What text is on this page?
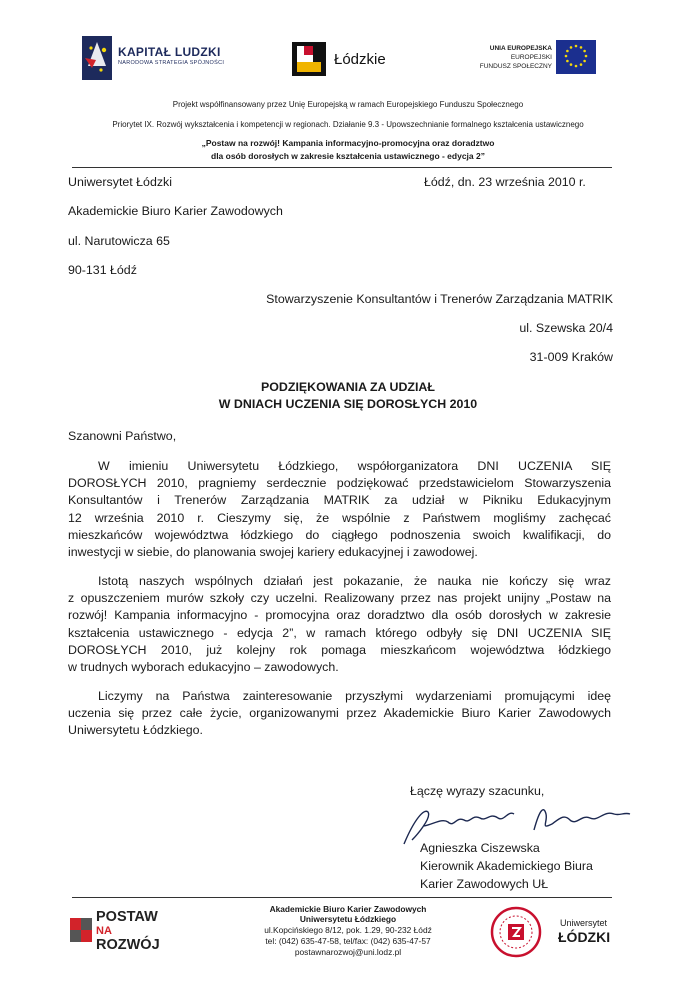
KAPITAŁ LUDZKI
NARODOWA STRATEGIA SPÓJNOŚCI	Łódzkie
UNIA EUROPEJSKA
EUROPEJSKI
FUNDUSZ SPOŁECZNY
Projekt współfinansowany przez Unię Europejską w ramach Europejskiego Funduszu Społecznego
Priorytet IX. Rozwój wykształcenia i kompetencji w regionach. Działanie 9.3 - Upowszechnianie formalnego kształcenia ustawicznego
„Postaw na rozwój! Kampania informacyjno-promocyjna oraz doradztwo
dla osób dorosłych w zakresie kształcenia ustawicznego - edycja 2”
Uniwersytet Łódzki	Łódź, dn. 23 września 2010 r.
Akademickie Biuro Karier Zawodowych
ul. Narutowicza 65
90-131 Łódź
Stowarzyszenie Konsultantów i Trenerów Zarządzania MATRIK
ul. Szewska 20/4
31-009 Kraków
PODZIĘKOWANIA ZA UDZIAŁ
W DNIACH UCZENIA SIĘ DOROSŁYCH 2010
Szanowni Państwo,
W imieniu Uniwersytetu Łódzkiego, współorganizatora DNI UCZENIA SIĘ
DOROSŁYCH 2010, pragniemy serdecznie podziękować przedstawicielom Stowarzyszenia
Konsultantów i Trenerów Zarządzania MATRIK za udział w Pikniku Edukacyjnym
12 września 2010 r. Cieszymy się, że wspólnie z Państwem mogliśmy zachęcać
mieszkańców województwa łódzkiego do ciągłego podnoszenia swoich kwalifikacji, do
inwestycji w siebie, do planowania swojej kariery edukacyjnej i zawodowej.
Istotą naszych wspólnych działań jest pokazanie, że nauka nie kończy się wraz
z opuszczeniem murów szkoły czy uczelni. Realizowany przez nas projekt unijny „Postaw na
rozwój! Kampania informacyjno - promocyjna oraz doradztwo dla osób dorosłych w zakresie
kształcenia ustawicznego - edycja 2”, w ramach którego odbyły się DNI UCZENIA SIĘ
DOROSŁYCH 2010, już kolejny rok pomaga mieszkańcom województwa łódzkiego
w trudnych wyborach edukacyjno – zawodowych.
Liczymy na Państwa zainteresowanie przyszłymi wydarzeniami promującymi ideę
uczenia się przez całe życie, organizowanymi przez Akademickie Biuro Karier Zawodowych
Uniwersytetu Łódzkiego.
Łączę wyrazy szacunku,
Agnieszka Ciszewska
Kierownik Akademickiego Biura
Karier Zawodowych UŁ
POSTAW
NA
ROZWÓJ
Akademickie Biuro Karier Zawodowych
Uniwersytetu Łódzkiego
ul.Kopcińskiego 8/12, pok. 1.29, 90-232 Łódź
tel: (042) 635-47-58, tel/fax: (042) 635-47-57
postawnarozwoj@uni.lodz.pl
Uniwersytet
ŁÓDZKI
